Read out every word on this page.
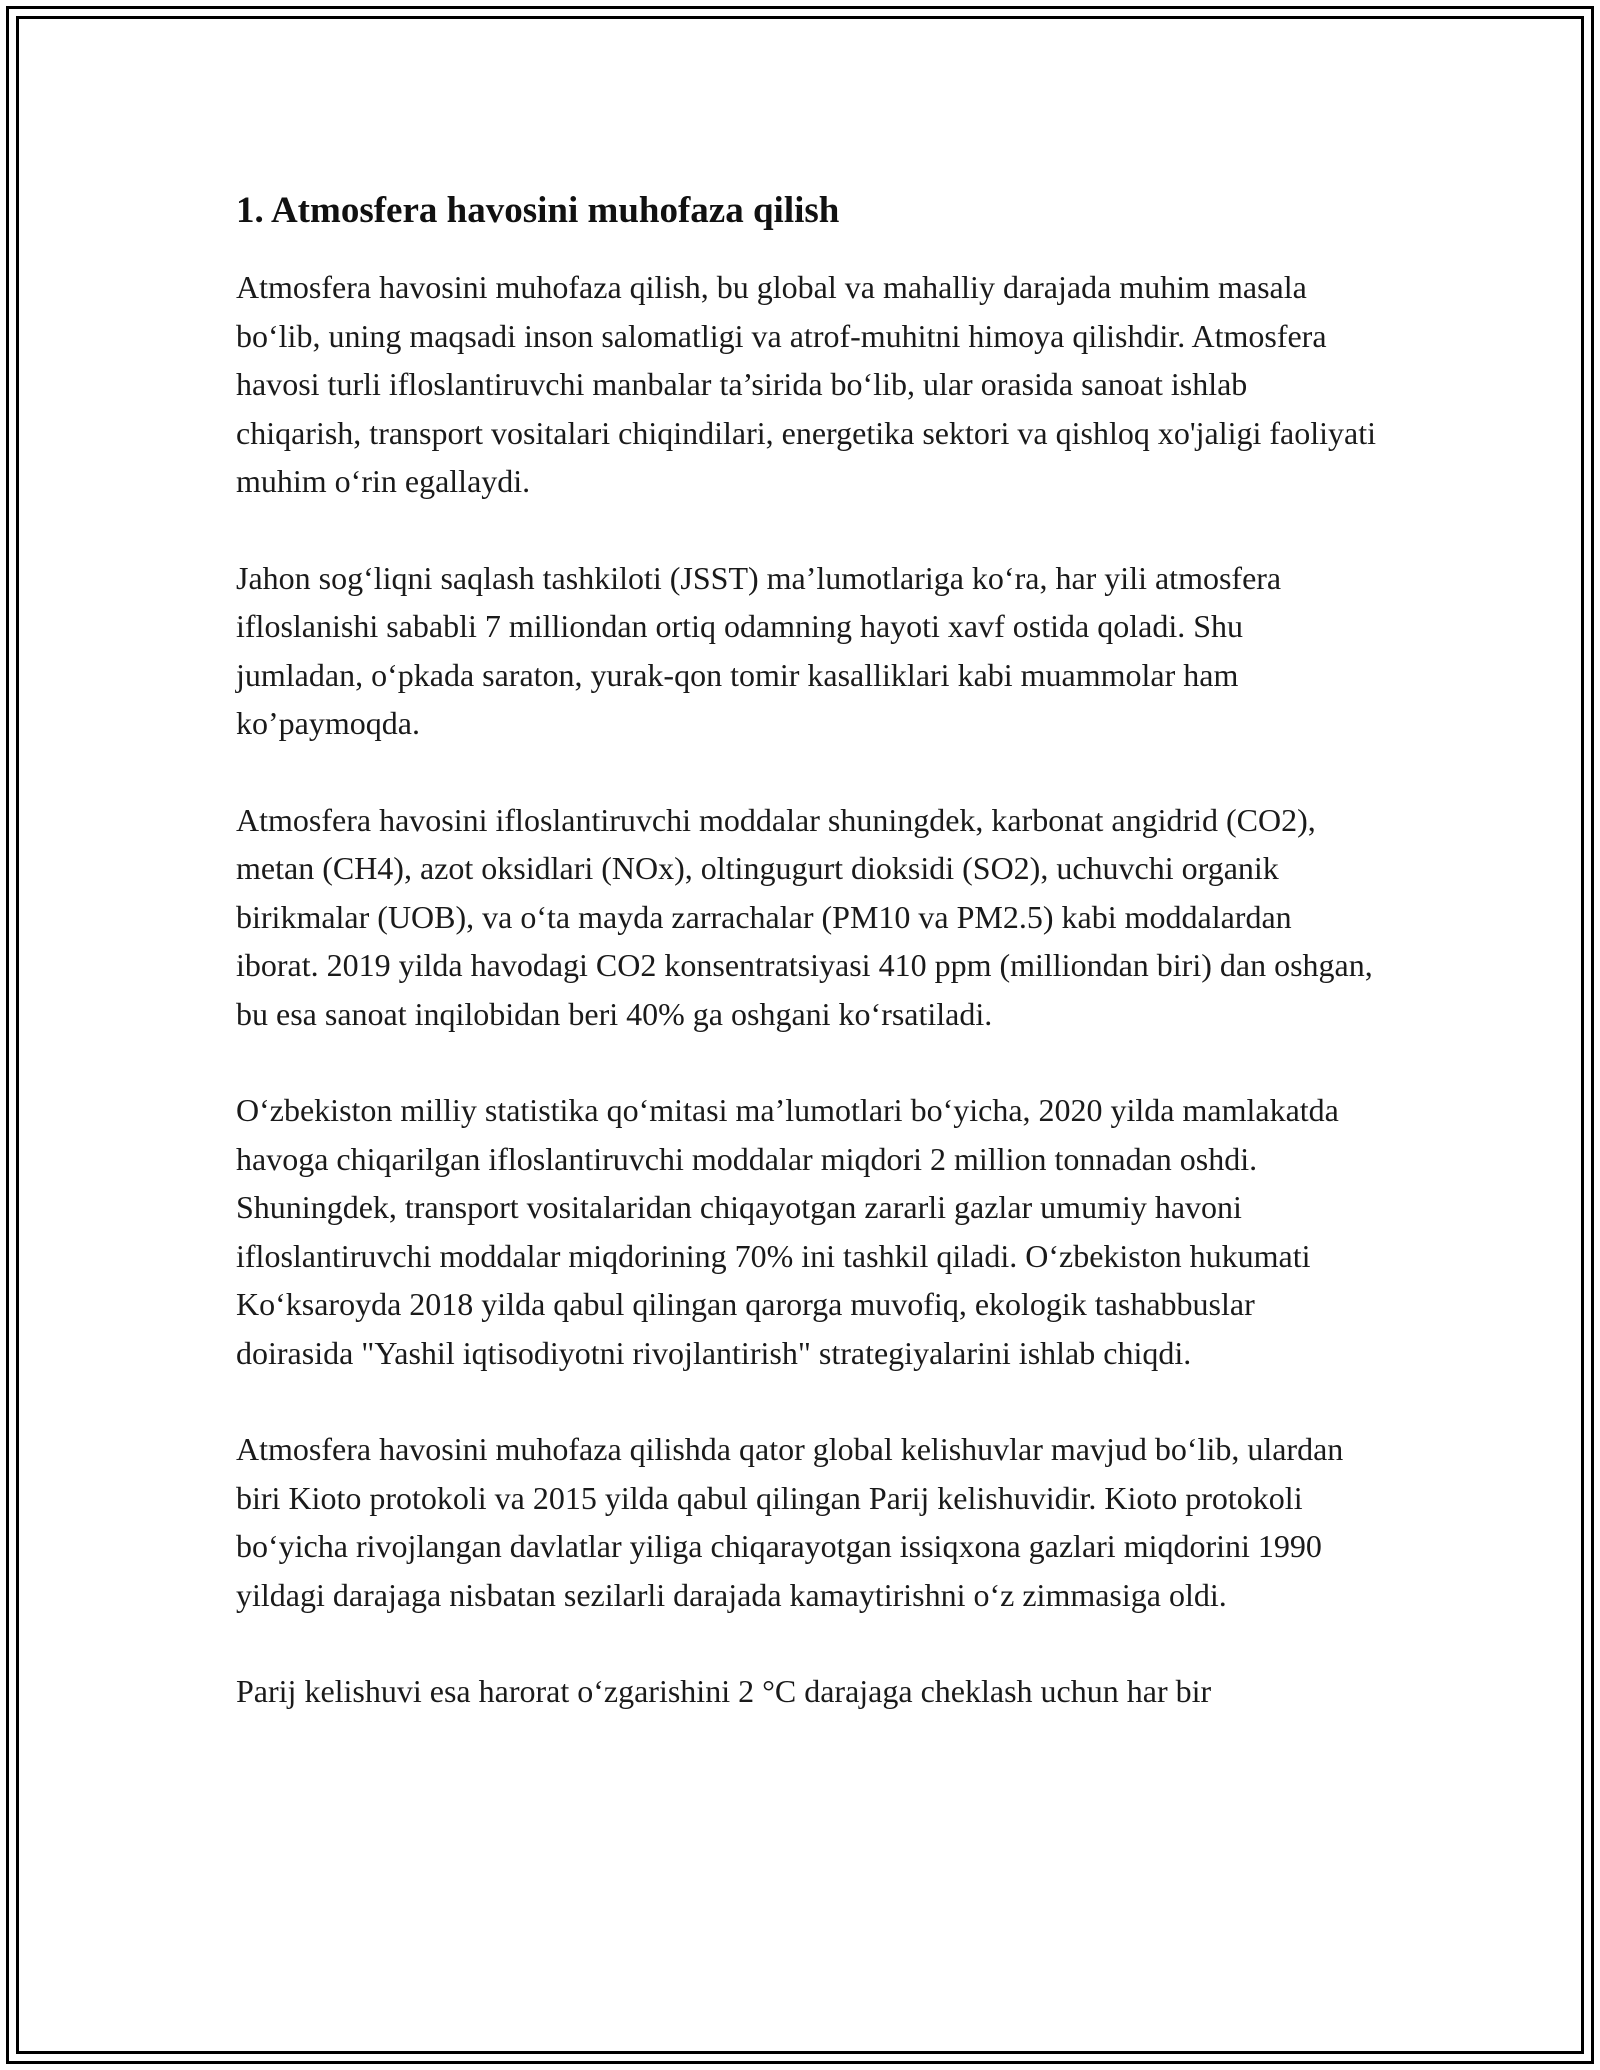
1. Atmosfera havosini muhofaza qilish

Atmosfera havosini muhofaza qilish, bu global va mahalliy darajada muhim masala bo‘lib, uning maqsadi inson salomatligi va atrof-muhitni himoya qilishdir. Atmosfera havosi turli ifloslantiruvchi manbalar ta’sirida bo‘lib, ular orasida sanoat ishlab chiqarish, transport vositalari chiqindilari, energetika sektori va qishloq xo'jaligi faoliyati muhim o‘rin egallaydi.

Jahon sog‘liqni saqlash tashkiloti (JSST) ma’lumotlariga ko‘ra, har yili atmosfera ifloslanishi sababli 7 milliondan ortiq odamning hayoti xavf ostida qoladi. Shu jumladan, o‘pkada saraton, yurak-qon tomir kasalliklari kabi muammolar ham ko’paymoqda.

Atmosfera havosini ifloslantiruvchi moddalar shuningdek, karbonat angidrid (CO2), metan (CH4), azot oksidlari (NOx), oltingugurt dioksidi (SO2), uchuvchi organik birikmalar (UOB), va o‘ta mayda zarrachalar (PM10 va PM2.5) kabi moddalardan iborat. 2019 yilda havodagi CO2 konsentratsiyasi 410 ppm (milliondan biri) dan oshgan, bu esa sanoat inqilobidan beri 40% ga oshgani ko‘rsatiladi.

O‘zbekiston milliy statistika qo‘mitasi ma’lumotlari bo‘yicha, 2020 yilda mamlakatda havoga chiqarilgan ifloslantiruvchi moddalar miqdori 2 million tonnadan oshdi. Shuningdek, transport vositalaridan chiqayotgan zararli gazlar umumiy havoni ifloslantiruvchi moddalar miqdorining 70% ini tashkil qiladi. O‘zbekiston hukumati Ko‘ksaroyda 2018 yilda qabul qilingan qarorga muvofiq, ekologik tashabbuslar doirasida "Yashil iqtisodiyotni rivojlantirish" strategiyalarini ishlab chiqdi.

Atmosfera havosini muhofaza qilishda qator global kelishuvlar mavjud bo‘lib, ulardan biri Kioto protokoli va 2015 yilda qabul qilingan Parij kelishuvidir. Kioto protokoli bo‘yicha rivojlangan davlatlar yiliga chiqarayotgan issiqxona gazlari miqdorini 1990 yildagi darajaga nisbatan sezilarli darajada kamaytirishni o‘z zimmasiga oldi.

Parij kelishuvi esa harorat o‘zgarishini 2 °C darajaga cheklash uchun har bir
